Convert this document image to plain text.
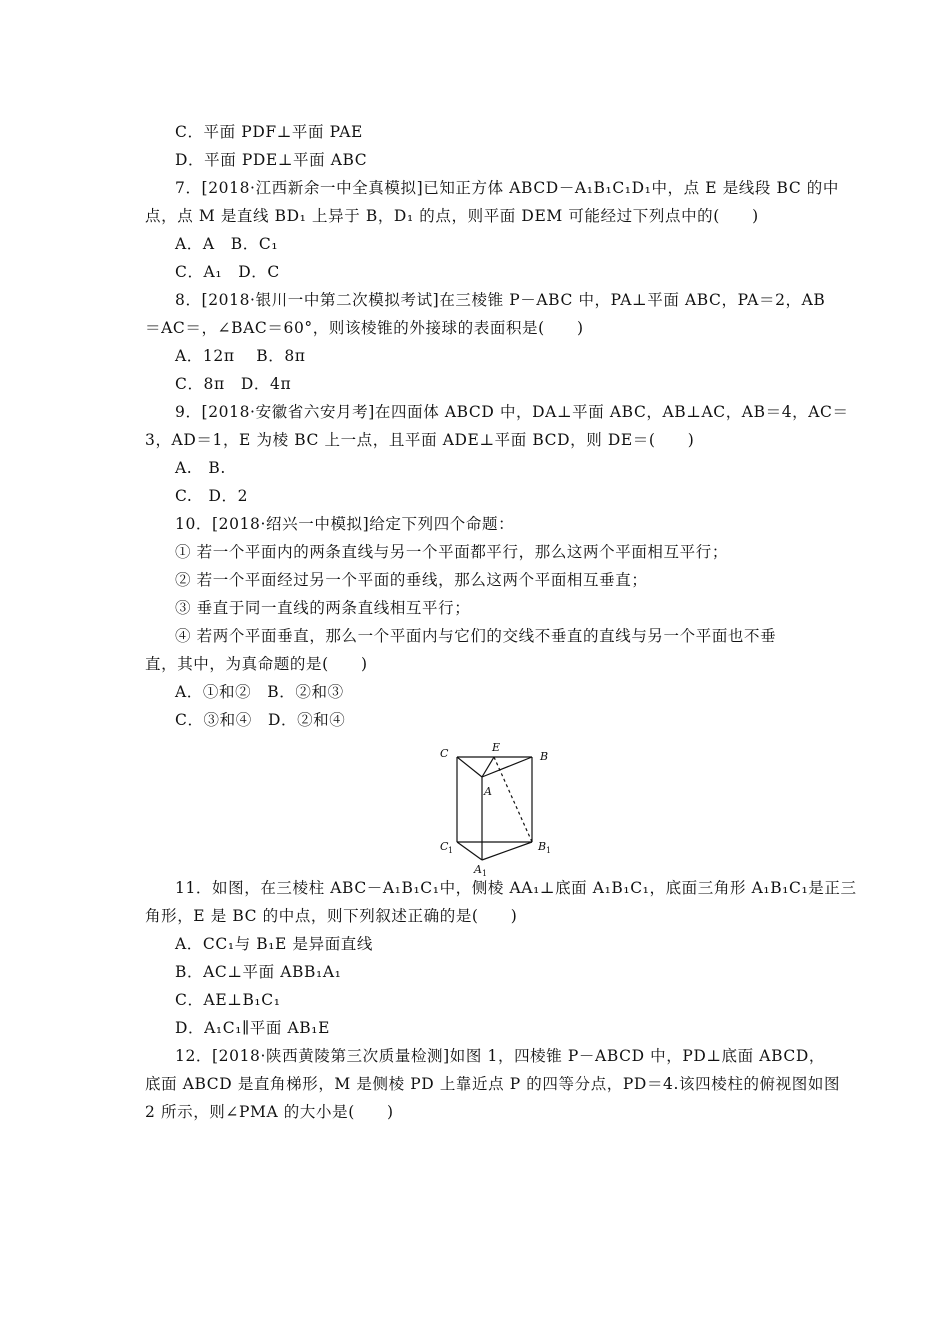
C．平面 PDF⊥平面 PAE
D．平面 PDE⊥平面 ABC
7．[2018·江西新余一中全真模拟]已知正方体 ABCD－A₁B₁C₁D₁中，点 E 是线段 BC 的中
点，点 M 是直线 BD₁ 上异于 B，D₁ 的点，则平面 DEM 可能经过下列点中的(　　)
A．A　B．C₁
C．A₁　D．C
8．[2018·银川一中第二次模拟考试]在三棱锥 P－ABC 中，PA⊥平面 ABC，PA＝2，AB
＝AC＝，∠BAC＝60°，则该棱锥的外接球的表面积是(　　)
A．12π　 B．8π
C．8π　D．4π
9．[2018·安徽省六安月考]在四面体 ABCD 中，DA⊥平面 ABC，AB⊥AC，AB＝4，AC＝
3，AD＝1，E 为棱 BC 上一点，且平面 ADE⊥平面 BCD，则 DE＝(　　)
A.　B.
C.　D．2
10．[2018·绍兴一中模拟]给定下列四个命题：
① 若一个平面内的两条直线与另一个平面都平行，那么这两个平面相互平行；
② 若一个平面经过另一个平面的垂线，那么这两个平面相互垂直；
③ 垂直于同一直线的两条直线相互平行；
④ 若两个平面垂直，那么一个平面内与它们的交线不垂直的直线与另一个平面也不垂
直，其中，为真命题的是(　　)
A．①和②　B．②和③
C．③和④　D．②和④
C	E
B
A
C 1	B 1
A 1
11．如图，在三棱柱 ABC－A₁B₁C₁中，侧棱 AA₁⊥底面 A₁B₁C₁，底面三角形 A₁B₁C₁是正三
角形，E 是 BC 的中点，则下列叙述正确的是(　　)
A．CC₁与 B₁E 是异面直线
B．AC⊥平面 ABB₁A₁
C．AE⊥B₁C₁
D．A₁C₁∥平面 AB₁E
12．[2018·陕西黄陵第三次质量检测]如图 1，四棱锥 P－ABCD 中，PD⊥底面 ABCD，
底面 ABCD 是直角梯形，M 是侧棱 PD 上靠近点 P 的四等分点，PD＝4.该四棱柱的俯视图如图
2 所示，则∠PMA 的大小是(　　)
